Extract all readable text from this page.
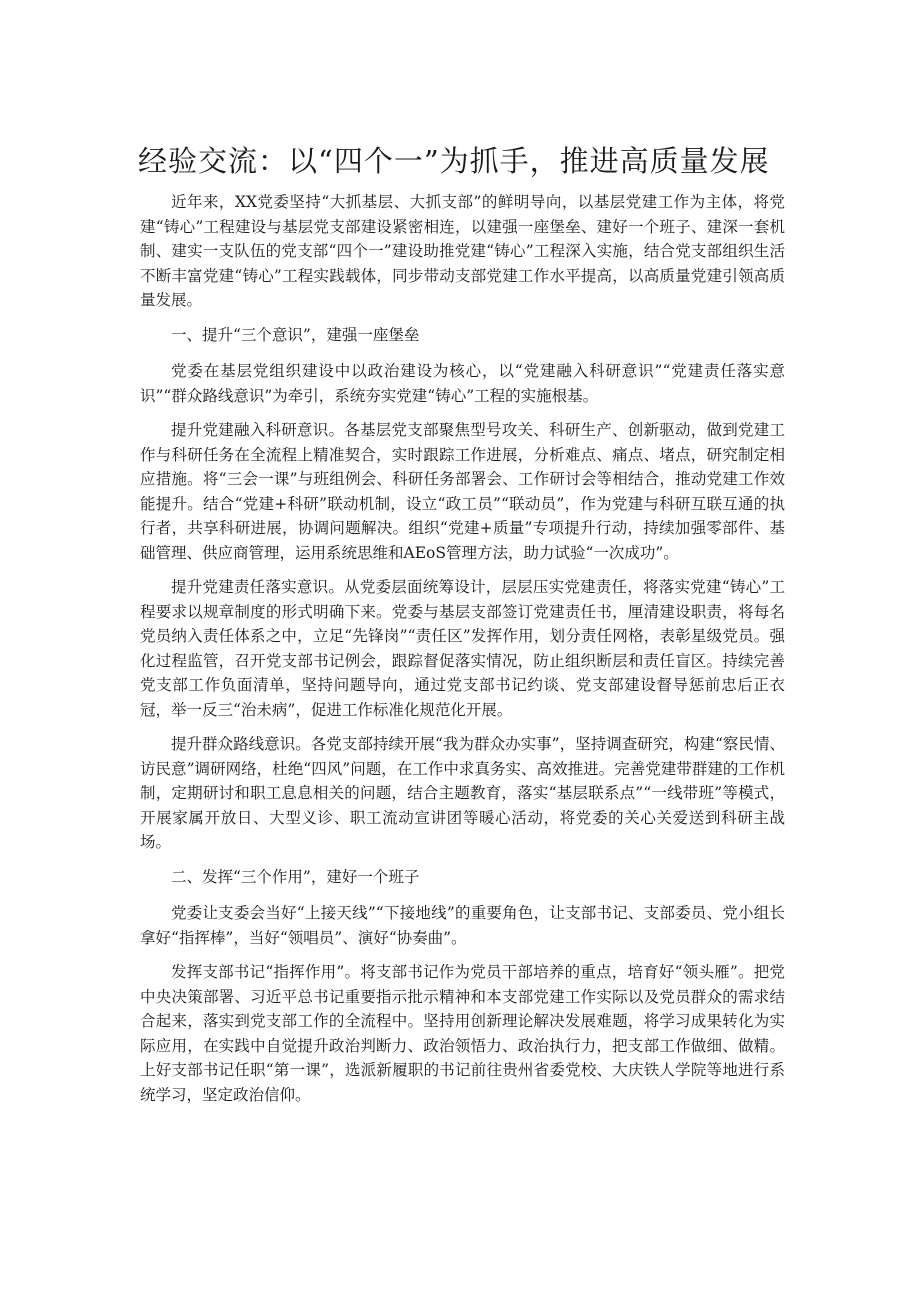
经验交流：以“四个一”为抓手，推进高质量发展

近年来，XX党委坚持“大抓基层、大抓支部”的鲜明导向，以基层党建工作为主体，将党建“铸心”工程建设与基层党支部建设紧密相连，以建强一座堡垒、建好一个班子、建深一套机制、建实一支队伍的党支部“四个一”建设助推党建“铸心”工程深入实施，结合党支部组织生活不断丰富党建“铸心”工程实践载体，同步带动支部党建工作水平提高，以高质量党建引领高质量发展。

一、提升“三个意识”，建强一座堡垒

党委在基层党组织建设中以政治建设为核心，以“党建融入科研意识”“党建责任落实意识”“群众路线意识”为牵引，系统夯实党建“铸心”工程的实施根基。

提升党建融入科研意识。各基层党支部聚焦型号攻关、科研生产、创新驱动，做到党建工作与科研任务在全流程上精准契合，实时跟踪工作进展，分析难点、痛点、堵点，研究制定相应措施。将“三会一课”与班组例会、科研任务部署会、工作研讨会等相结合，推动党建工作效能提升。结合“党建+科研”联动机制，设立“政工员”“联动员”，作为党建与科研互联互通的执行者，共享科研进展，协调问题解决。组织“党建+质量”专项提升行动，持续加强零部件、基础管理、供应商管理，运用系统思维和AEoS管理方法，助力试验“一次成功”。

提升党建责任落实意识。从党委层面统筹设计，层层压实党建责任，将落实党建“铸心”工程要求以规章制度的形式明确下来。党委与基层支部签订党建责任书，厘清建设职责，将每名党员纳入责任体系之中，立足“先锋岗”“责任区”发挥作用，划分责任网格，表彰星级党员。强化过程监管，召开党支部书记例会，跟踪督促落实情况，防止组织断层和责任盲区。持续完善党支部工作负面清单，坚持问题导向，通过党支部书记约谈、党支部建设督导惩前忠后正衣冠，举一反三“治未病”，促进工作标准化规范化开展。

提升群众路线意识。各党支部持续开展“我为群众办实事”，坚持调查研究，构建“察民情、访民意”调研网络，杜绝“四风”问题，在工作中求真务实、高效推进。完善党建带群建的工作机制，定期研讨和职工息息相关的问题，结合主题教育，落实“基层联系点”“一线带班”等模式，开展家属开放日、大型义诊、职工流动宣讲团等暖心活动，将党委的关心关爱送到科研主战场。

二、发挥“三个作用”，建好一个班子

党委让支委会当好“上接天线”“下接地线”的重要角色，让支部书记、支部委员、党小组长拿好“指挥棒”，当好“领唱员”、演好“协奏曲”。

发挥支部书记“指挥作用”。将支部书记作为党员干部培养的重点，培育好“领头雁”。把党中央决策部署、习近平总书记重要指示批示精神和本支部党建工作实际以及党员群众的需求结合起来，落实到党支部工作的全流程中。坚持用创新理论解决发展难题，将学习成果转化为实际应用，在实践中自觉提升政治判断力、政治领悟力、政治执行力，把支部工作做细、做精。上好支部书记任职“第一课”，选派新履职的书记前往贵州省委党校、大庆铁人学院等地进行系统学习，坚定政治信仰。
